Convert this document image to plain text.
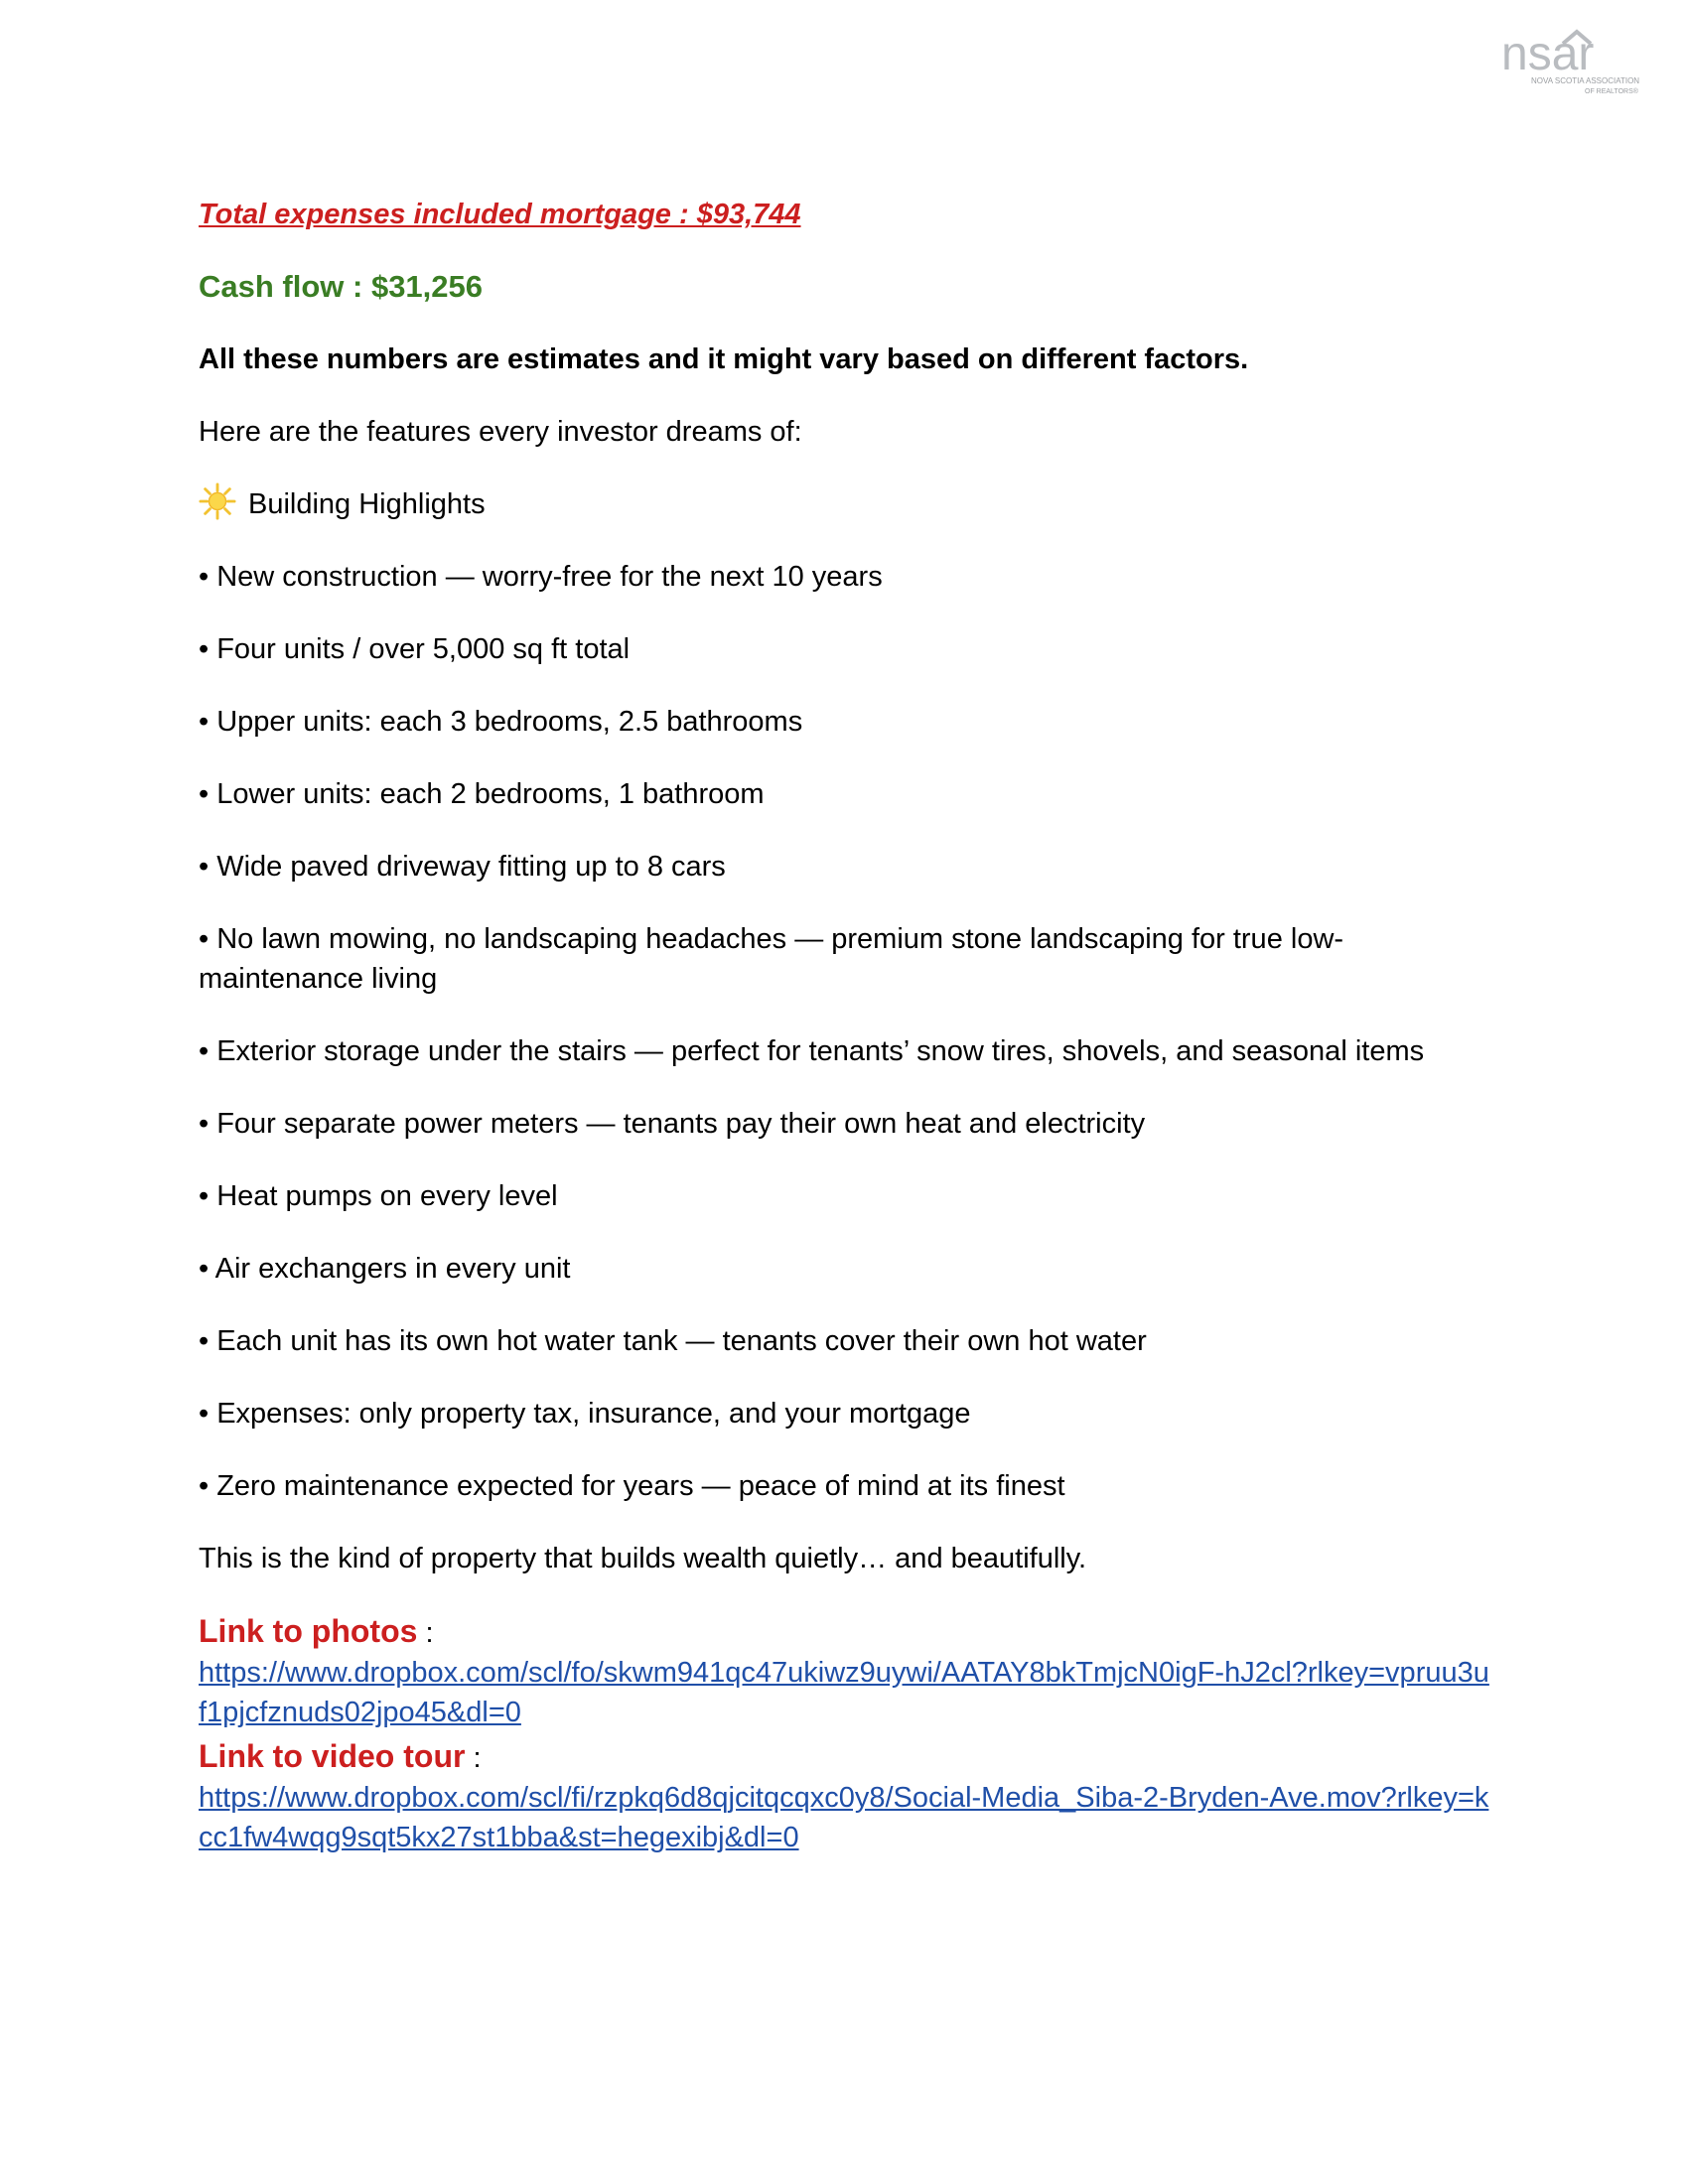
nsar
NOVA SCOTIA ASSOCIATION
OF REALTORS®

Total expenses included mortgage : $93,744

Cash flow : $31,256

All these numbers are estimates and it might vary based on different factors.

Here are the features every investor dreams of:

Building Highlights
• New construction — worry-free for the next 10 years
• Four units / over 5,000 sq ft total
• Upper units: each 3 bedrooms, 2.5 bathrooms
• Lower units: each 2 bedrooms, 1 bathroom
• Wide paved driveway fitting up to 8 cars
• No lawn mowing, no landscaping headaches — premium stone landscaping for true low-maintenance living
• Exterior storage under the stairs — perfect for tenants’ snow tires, shovels, and seasonal items
• Four separate power meters — tenants pay their own heat and electricity
• Heat pumps on every level
• Air exchangers in every unit
• Each unit has its own hot water tank — tenants cover their own hot water
• Expenses: only property tax, insurance, and your mortgage
• Zero maintenance expected for years — peace of mind at its finest

This is the kind of property that builds wealth quietly… and beautifully.

Link to photos :
https://www.dropbox.com/scl/fo/skwm941qc47ukiwz9uywi/AATAY8bkTmjcN0igF-hJ2cl?rlkey=vpruu3uf1pjcfznuds02jpo45&dl=0
Link to video tour :
https://www.dropbox.com/scl/fi/rzpkq6d8qjcitqcqxc0y8/Social-Media_Siba-2-Bryden-Ave.mov?rlkey=kcc1fw4wqg9sqt5kx27st1bba&st=hegexibj&dl=0
